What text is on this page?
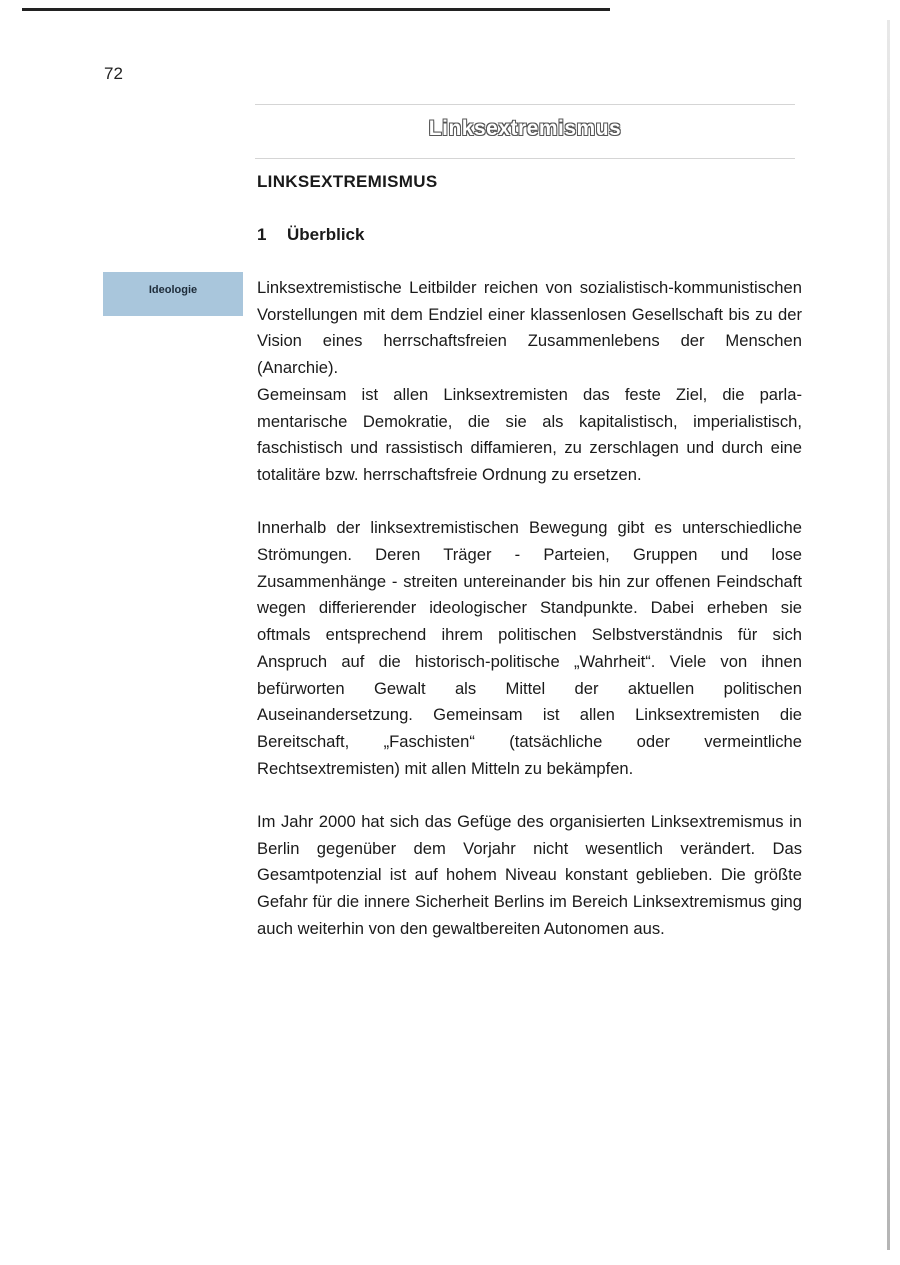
72
Linksextremismus
LINKSEXTREMISMUS
1 Überblick
Ideologie	Linksextremistische Leitbilder reichen von sozialistisch-kommunistischen Vorstellungen mit dem Endziel einer klassenlosen Gesellschaft bis zu der Vision eines herrschaftsfreien Zusammenlebens der Menschen (Anarchie).

Gemeinsam ist allen Linksextremisten das feste Ziel, die parlamentarische Demokratie, die sie als kapitalistisch, imperialistisch, faschistisch und rassistisch diffamieren, zu zerschlagen und durch eine totalitäre bzw. herrschaftsfreie Ordnung zu ersetzen.

Innerhalb der linksextremistischen Bewegung gibt es unterschiedliche Strömungen. Deren Träger - Parteien, Gruppen und lose Zusammenhänge - streiten untereinander bis hin zur offenen Feindschaft wegen differierender ideologischer Standpunkte. Dabei erheben sie oftmals entsprechend ihrem politischen Selbstverständnis für sich Anspruch auf die historisch-politische „Wahrheit“. Viele von ihnen befürworten Gewalt als Mittel der aktuellen politischen Auseinandersetzung. Gemeinsam ist allen Linksextremisten die Bereitschaft, „Faschisten“ (tatsächliche oder vermeintliche Rechtsextremisten) mit allen Mitteln zu bekämpfen.

Im Jahr 2000 hat sich das Gefüge des organisierten Linksextremismus in Berlin gegenüber dem Vorjahr nicht wesentlich verändert. Das Gesamtpotenzial ist auf hohem Niveau konstant geblieben. Die größte Gefahr für die innere Sicherheit Berlins im Bereich Linksextremismus ging auch weiterhin von den gewaltbereiten Autonomen aus.
